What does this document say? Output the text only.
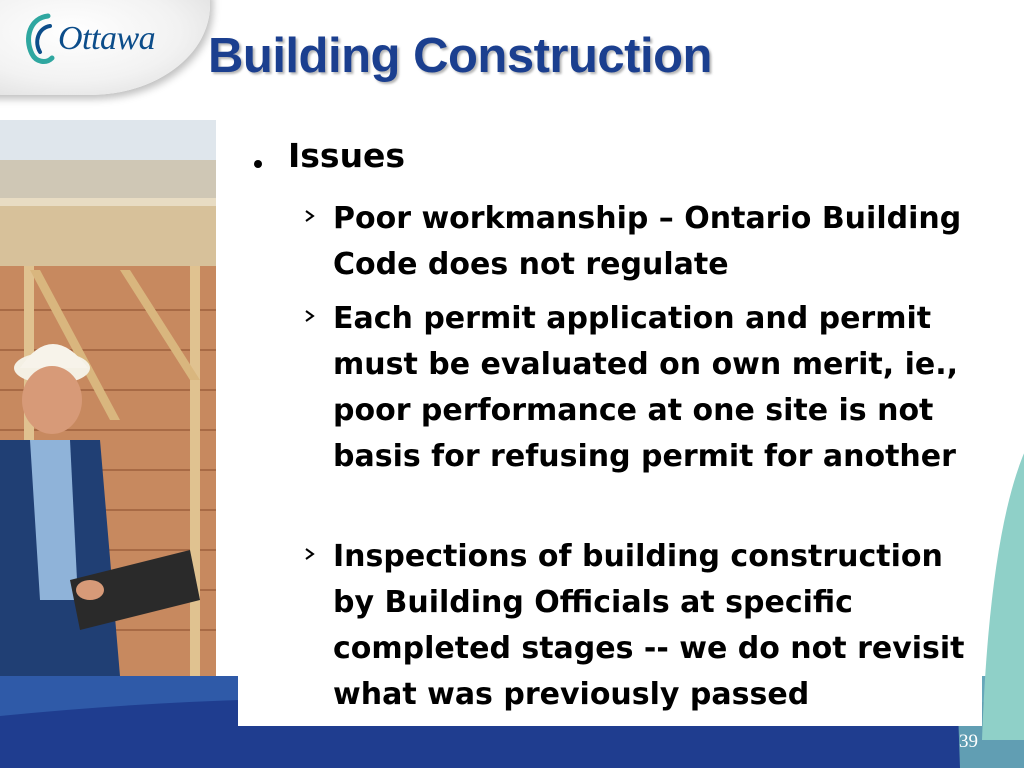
Ottawa Building Construction
Issues
Poor workmanship – Ontario Building Code does not regulate
Each permit application and permit must be evaluated on own merit, ie., poor performance at one site is not basis for refusing permit for another
Inspections of building construction by Building Officials at specific completed stages -- we do not revisit what was previously passed
39
